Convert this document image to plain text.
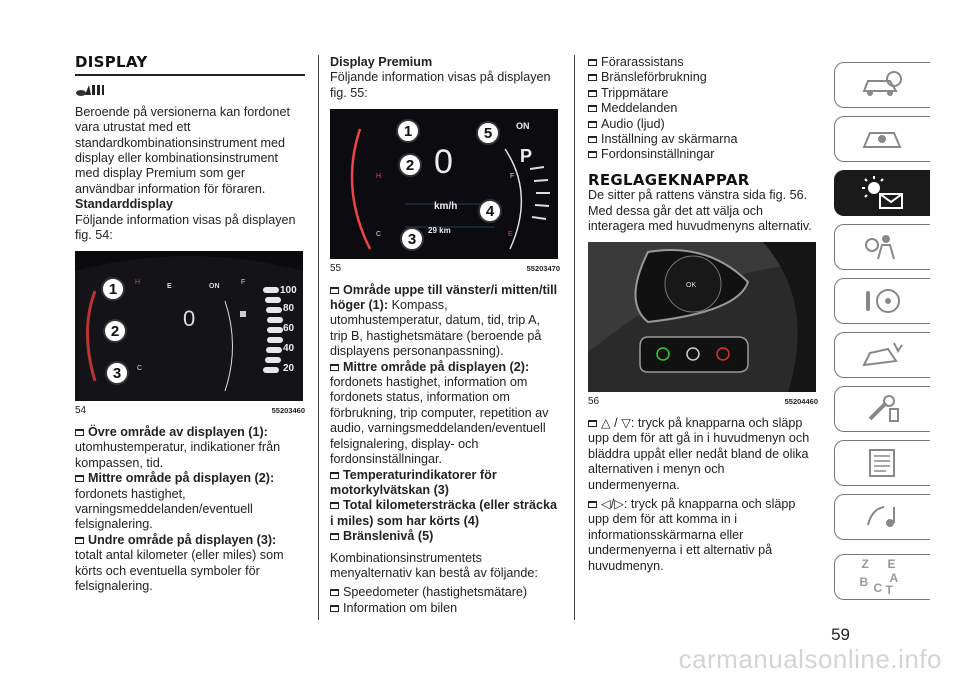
DISPLAY

Beroende på versionerna kan fordonet vara utrustat med ett standardkombinationsinstrument med display eller kombinationsinstrument med display Premium som ger användbar information för föraren.

Standarddisplay

Följande information visas på displayen fig. 54:

H
E	ON
F
C
0
20
40
60
80
100
1
2
3
54	55203460

Övre område av displayen (1): utomhustemperatur, indikationer från kompassen, tid.

Mittre område på displayen (2): fordonets hastighet, varningsmeddelanden/eventuell felsignalering.

Undre område på displayen (3): totalt antal kilometer (eller miles) som körts och eventuella symboler för felsignalering.

Display Premium

Följande information visas på displayen fig. 55:

0
km/h
29 km
P
ON
H
C
F
E
1
2
3
4
5
55	55203470

Område uppe till vänster/i mitten/till höger (1): Kompass, utomhustemperatur, datum, tid, trip A, trip B, hastighetsmätare (beroende på displayens personanpassning).

Mittre område på displayen (2): fordonets hastighet, information om fordonets status, information om förbrukning, trip computer, repetition av audio, varningsmeddelanden/eventuell felsignalering, display- och fordonsinställningar.

Temperaturindikatorer för motorkylvätskan (3)

Total kilometersträcka (eller sträcka i miles) som har körts (4)

Bränslenivå (5)

Kombinationsinstrumentets menyalternativ kan bestå av följande:

Speedometer (hastighetsmätare)

Information om bilen

Förarassistans

Bränsleförbrukning

Trippmätare

Meddelanden

Audio (ljud)

Inställning av skärmarna

Fordonsinställningar

REGLAGEKNAPPAR

De sitter på rattens vänstra sida fig. 56. Med dessa går det att välja och interagera med huvudmenyns alternativ.

OK
56	55204460

△ / ▽: tryck på knapparna och släpp upp dem för att gå in i huvudmenyn och bläddra uppåt eller nedåt bland de olika alternativen i menyn och undermenyerna.

◁/▷: tryck på knapparna och släpp upp dem för att komma in i informationsskärmarna eller undermenyerna i ett alternativ på huvudmenyn.	Z E
B A
C T
59
carmanualsonline.info
